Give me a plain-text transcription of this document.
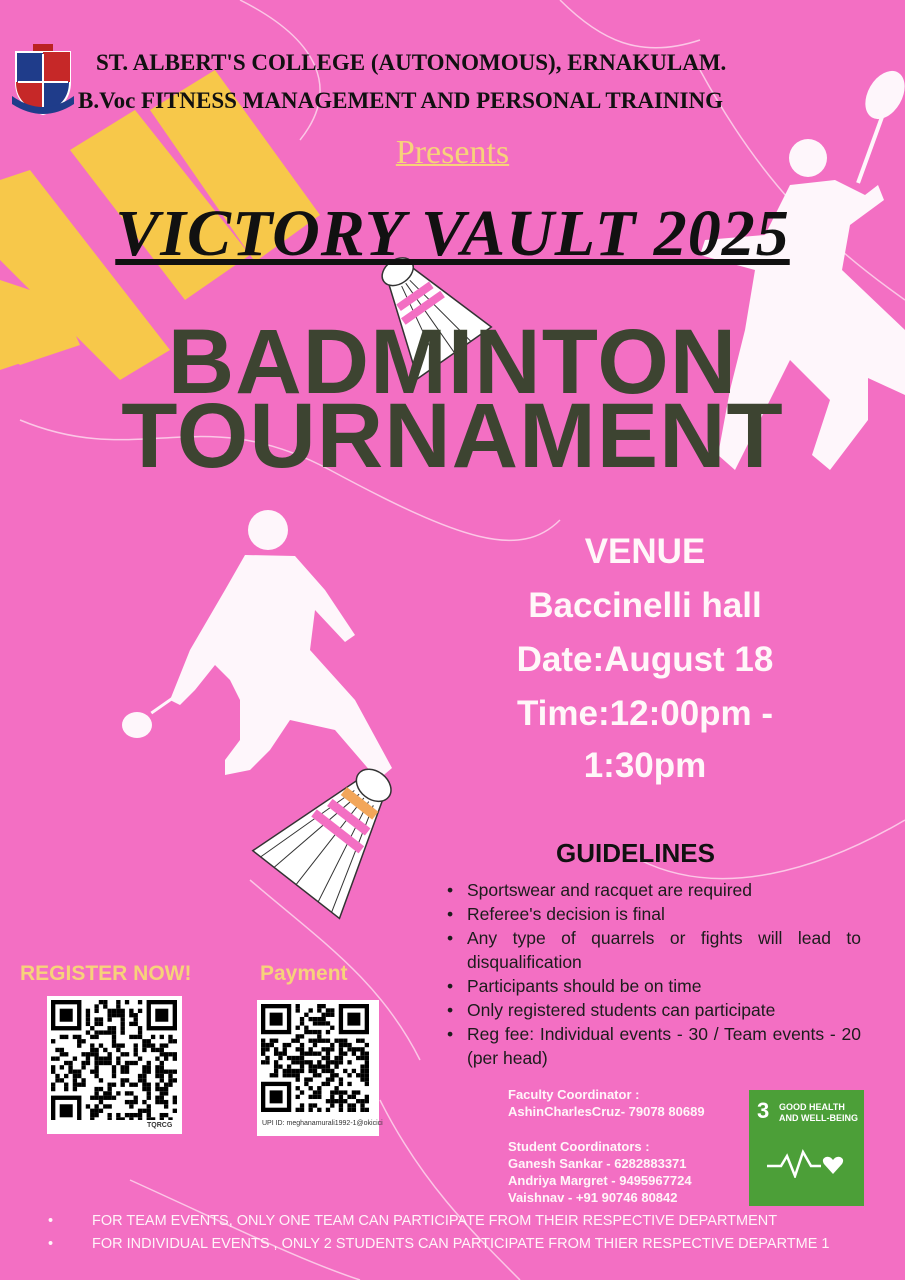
ST. ALBERT'S COLLEGE (AUTONOMOUS), ERNAKULAM.
B.Voc FITNESS MANAGEMENT AND PERSONAL TRAINING
Presents
VICTORY VAULT 2025
BADMINTON
TOURNAMENT
VENUE
Baccinelli hall
Date:August 18
Time:12:00pm -
1:30pm
GUIDELINES
• Sportswear and racquet are required
• Referee's decision is final
• Any type of quarrels or fights will lead to disqualification
• Participants should be on time
• Only registered students can participate
• Reg fee: Individual events - 30 / Team events - 20 (per head)
REGISTER NOW!	Payment
TQRCG	UPI ID: meghanamurali1992-1@okicici
Faculty Coordinator :
AshinCharlesCruz- 79078 80689
Student Coordinators :
Ganesh Sankar - 6282883371
Andriya Margret - 9495967724
Vaishnav - +91 90746 80842
3 GOOD HEALTH
AND WELL-BEING
•	FOR TEAM EVENTS, ONLY ONE TEAM CAN PARTICIPATE FROM THEIR RESPECTIVE DEPARTMENT
•	FOR INDIVIDUAL EVENTS , ONLY 2 STUDENTS CAN PARTICIPATE FROM THIER RESPECTIVE DEPARTME 1
